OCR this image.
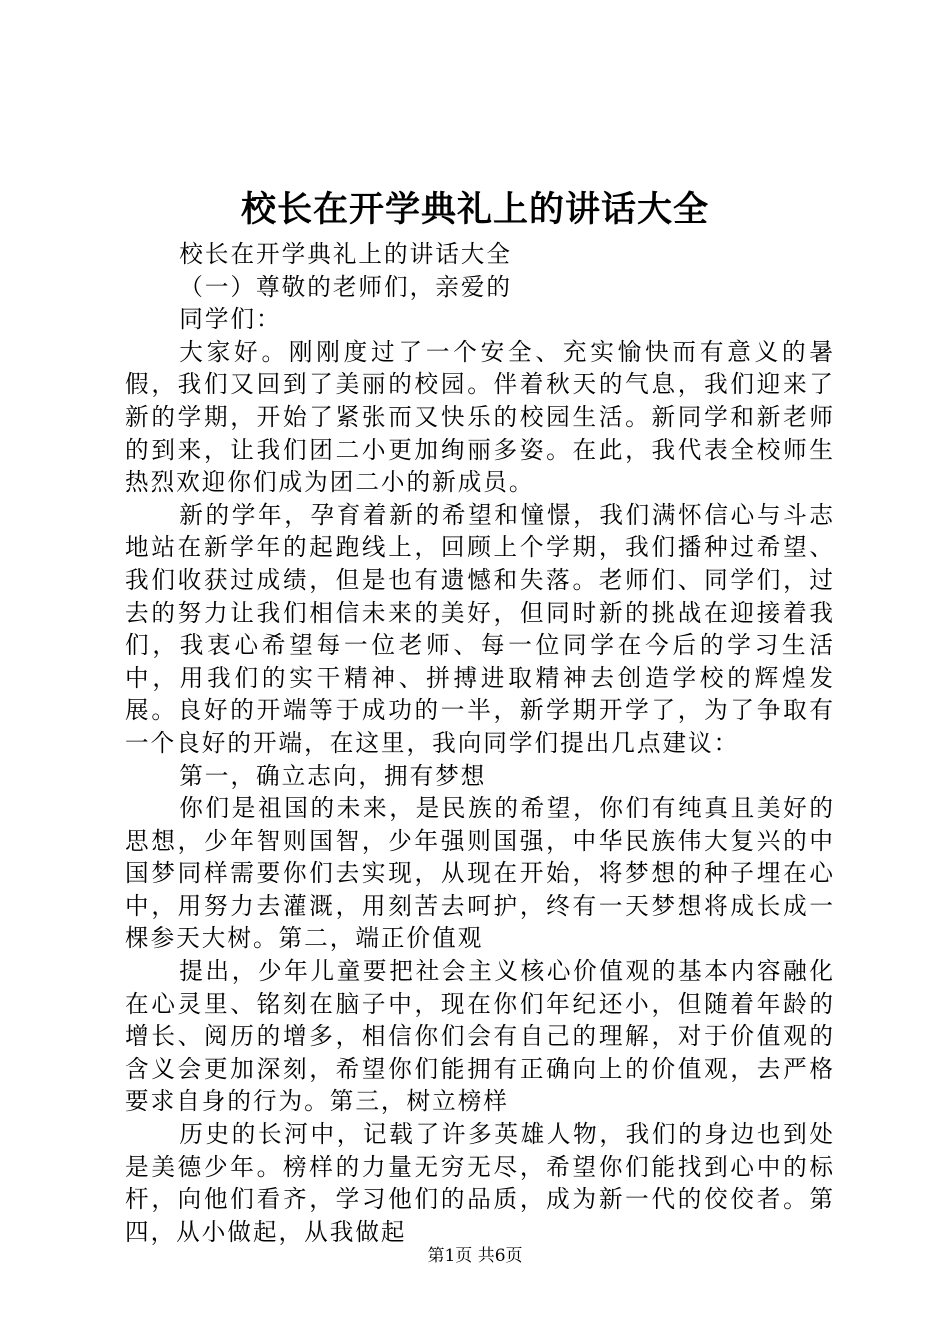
校长在开学典礼上的讲话大全

校长在开学典礼上的讲话大全

（一）尊敬的老师们，亲爱的

同学们：

大家好。刚刚度过了一个安全、充实愉快而有意义的暑假，我们又回到了美丽的校园。伴着秋天的气息，我们迎来了新的学期，开始了紧张而又快乐的校园生活。新同学和新老师的到来，让我们团二小更加绚丽多姿。在此，我代表全校师生热烈欢迎你们成为团二小的新成员。

新的学年，孕育着新的希望和憧憬，我们满怀信心与斗志地站在新学年的起跑线上，回顾上个学期，我们播种过希望、我们收获过成绩，但是也有遗憾和失落。老师们、同学们，过去的努力让我们相信未来的美好，但同时新的挑战在迎接着我们，我衷心希望每一位老师、每一位同学在今后的学习生活中，用我们的实干精神、拼搏进取精神去创造学校的辉煌发展。良好的开端等于成功的一半，新学期开学了，为了争取有一个良好的开端，在这里，我向同学们提出几点建议：

第一，确立志向，拥有梦想

你们是祖国的未来，是民族的希望，你们有纯真且美好的思想，少年智则国智，少年强则国强，中华民族伟大复兴的中国梦同样需要你们去实现，从现在开始，将梦想的种子埋在心中，用努力去灌溉，用刻苦去呵护，终有一天梦想将成长成一棵参天大树。第二，端正价值观

提出，少年儿童要把社会主义核心价值观的基本内容融化在心灵里、铭刻在脑子中，现在你们年纪还小，但随着年龄的增长、阅历的增多，相信你们会有自己的理解，对于价值观的含义会更加深刻，希望你们能拥有正确向上的价值观，去严格要求自身的行为。第三，树立榜样

历史的长河中，记载了许多英雄人物，我们的身边也到处是美德少年。榜样的力量无穷无尽，希望你们能找到心中的标杆，向他们看齐，学习他们的品质，成为新一代的佼佼者。第四，从小做起，从我做起

第1页 共6页
